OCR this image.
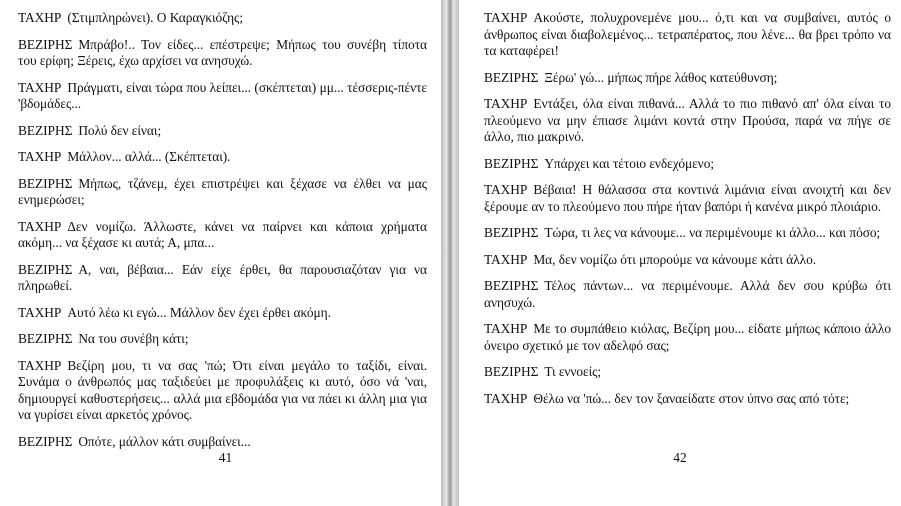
ΤΑΧΗΡ (Στιμπληρώνει). Ο Καραγκιόζης;

ΒΕΖΙΡΗΣ Μπράβο!.. Τον είδες... επέστρεψε; Μήπως του συνέβη τίποτα του ερίφη; Ξέρεις, έχω αρχίσει να ανησυχώ.

ΤΑΧΗΡ Πράγματι, είναι τώρα που λείπει... (σκέπτεται) μμ... τέσσερις-πέντε 'βδομάδες...

ΒΕΖΙΡΗΣ Πολύ δεν είναι;

ΤΑΧΗΡ Μάλλον... αλλά... (Σκέπτεται).

ΒΕΖΙΡΗΣ Μήπως, τζάνεμ, έχει επιστρέψει και ξέχασε να έλθει να μας ενημερώσει;

ΤΑΧΗΡ Δεν νομίζω. Άλλωστε, κάνει να παίρνει και κάποια χρήματα ακόμη... να ξέχασε κι αυτά; Α, μπα...

ΒΕΖΙΡΗΣ Α, ναι, βέβαια... Εάν είχε έρθει, θα παρουσιαζόταν για να πληρωθεί.

ΤΑΧΗΡ Αυτό λέω κι εγώ... Μάλλον δεν έχει έρθει ακόμη.

ΒΕΖΙΡΗΣ Να του συνέβη κάτι;

ΤΑΧΗΡ Βεζίρη μου, τι να σας 'πώ; Ότι είναι μεγάλο το ταξίδι, είναι. Συνάμα ο άνθρωπός μας ταξιδεύει με προφυλάξεις κι αυτό, όσο νά 'ναι, δημιουργεί καθυστερήσεις... αλλά μια εβδομάδα για να πάει κι άλλη μια για να γυρίσει είναι αρκετός χρόνος.

ΒΕΖΙΡΗΣ Οπότε, μάλλον κάτι συμβαίνει...

41

ΤΑΧΗΡ Ακούστε, πολυχρονεμένε μου... ό,τι και να συμβαίνει, αυτός ο άνθρωπος είναι διαβολεμένος... τετραπέρατος, που λένε... θα βρει τρόπο να τα καταφέρει!

ΒΕΖΙΡΗΣ Ξέρω' γώ... μήπως πήρε λάθος κατεύθυνση;

ΤΑΧΗΡ Εντάξει, όλα είναι πιθανά... Αλλά το πιο πιθανό απ' όλα είναι το πλεούμενο να μην έπιασε λιμάνι κοντά στην Προύσα, παρά να πήγε σε άλλο, πιο μακρινό.

ΒΕΖΙΡΗΣ Υπάρχει και τέτοιο ενδεχόμενο;

ΤΑΧΗΡ Βέβαια! Η θάλασσα στα κοντινά λιμάνια είναι ανοιχτή και δεν ξέρουμε αν το πλεούμενο που πήρε ήταν βαπόρι ή κανένα μικρό πλοιάριο.

ΒΕΖΙΡΗΣ Τώρα, τι λες να κάνουμε... να περιμένουμε κι άλλο... και πόσο;

ΤΑΧΗΡ Μα, δεν νομίζω ότι μπορούμε να κάνουμε κάτι άλλο.

ΒΕΖΙΡΗΣ Τέλος πάντων... να περιμένουμε. Αλλά δεν σου κρύβω ότι ανησυχώ.

ΤΑΧΗΡ Με το συμπάθειο κιόλας, Βεζίρη μου... είδατε μήπως κάποιο άλλο όνειρο σχετικό με τον αδελφό σας;

ΒΕΖΙΡΗΣ Τι εννοείς;

ΤΑΧΗΡ Θέλω να 'πώ... δεν τον ξαναείδατε στον ύπνο σας από τότε;

42
